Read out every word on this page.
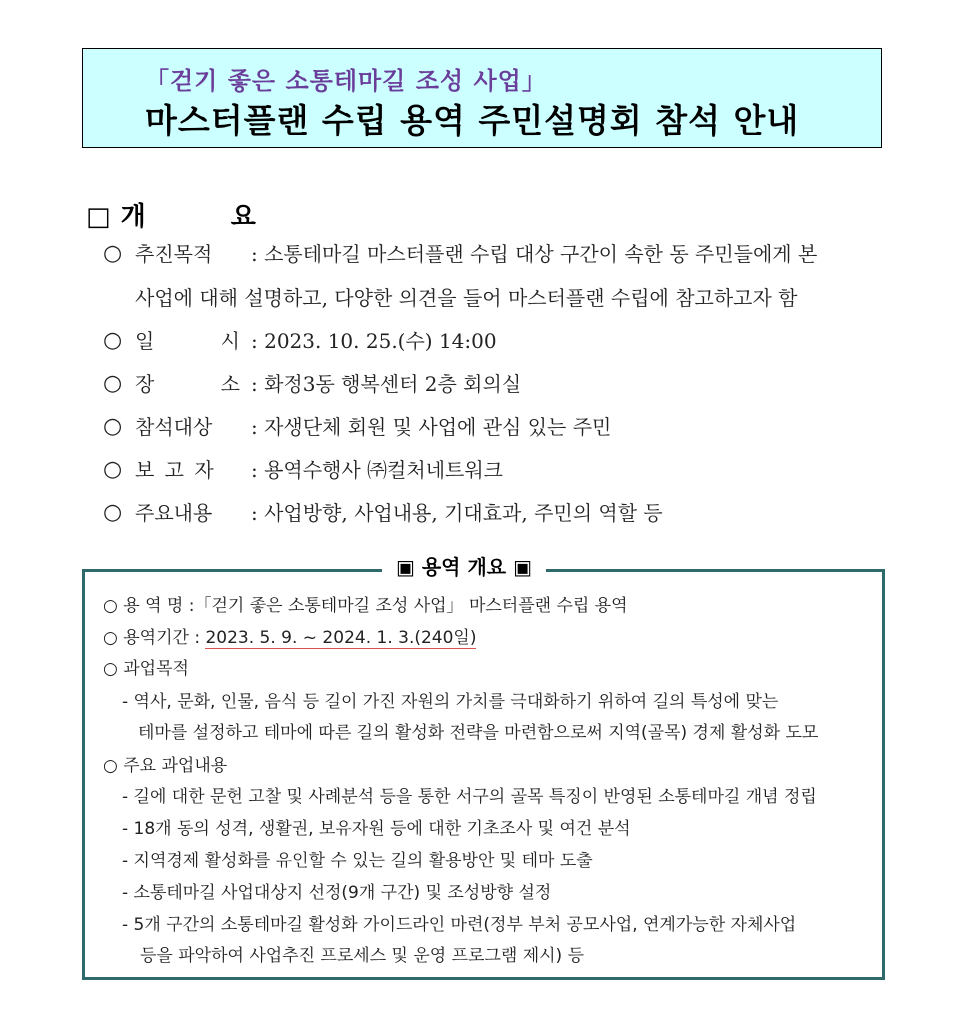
「걷기 좋은 소통테마길 조성 사업」
마스터플랜 수립 용역 주민설명회 참석 안내
□ 개 요
○ 추진목적 : 소통테마길 마스터플랜 수립 대상 구간이 속한 동 주민들에게 본
사업에 대해 설명하고, 다양한 의견을 들어 마스터플랜 수립에 참고하고자 함
○ 일 시
: 2023. 10. 25.(수) 14:00
○ 장 소
: 화정3동 행복센터 2층 회의실
○ 참석대상 : 자생단체 회원 및 사업에 관심 있는 주민
○ 보 고 자 : 용역수행사 ㈜컬처네트워크
○ 주요내용 : 사업방향, 사업내용, 기대효과, 주민의 역할 등
▣ 용역 개요 ▣
○ 용 역 명 :「걷기 좋은 소통테마길 조성 사업」 마스터플랜 수립 용역
○ 용역기간 : 2023. 5. 9. ~ 2024. 1. 3.(240일)
○ 과업목적
- 역사, 문화, 인물, 음식 등 길이 가진 자원의 가치를 극대화하기 위하여 길의 특성에 맞는
테마를 설정하고 테마에 따른 길의 활성화 전략을 마련함으로써 지역(골목) 경제 활성화 도모
○ 주요 과업내용
- 길에 대한 문헌 고찰 및 사례분석 등을 통한 서구의 골목 특징이 반영된 소통테마길 개념 정립
- 18개 동의 성격, 생활권, 보유자원 등에 대한 기초조사 및 여건 분석
- 지역경제 활성화를 유인할 수 있는 길의 활용방안 및 테마 도출
- 소통테마길 사업대상지 선정(9개 구간) 및 조성방향 설정
- 5개 구간의 소통테마길 활성화 가이드라인 마련(정부 부처 공모사업, 연계가능한 자체사업
등을 파악하여 사업추진 프로세스 및 운영 프로그램 제시) 등
